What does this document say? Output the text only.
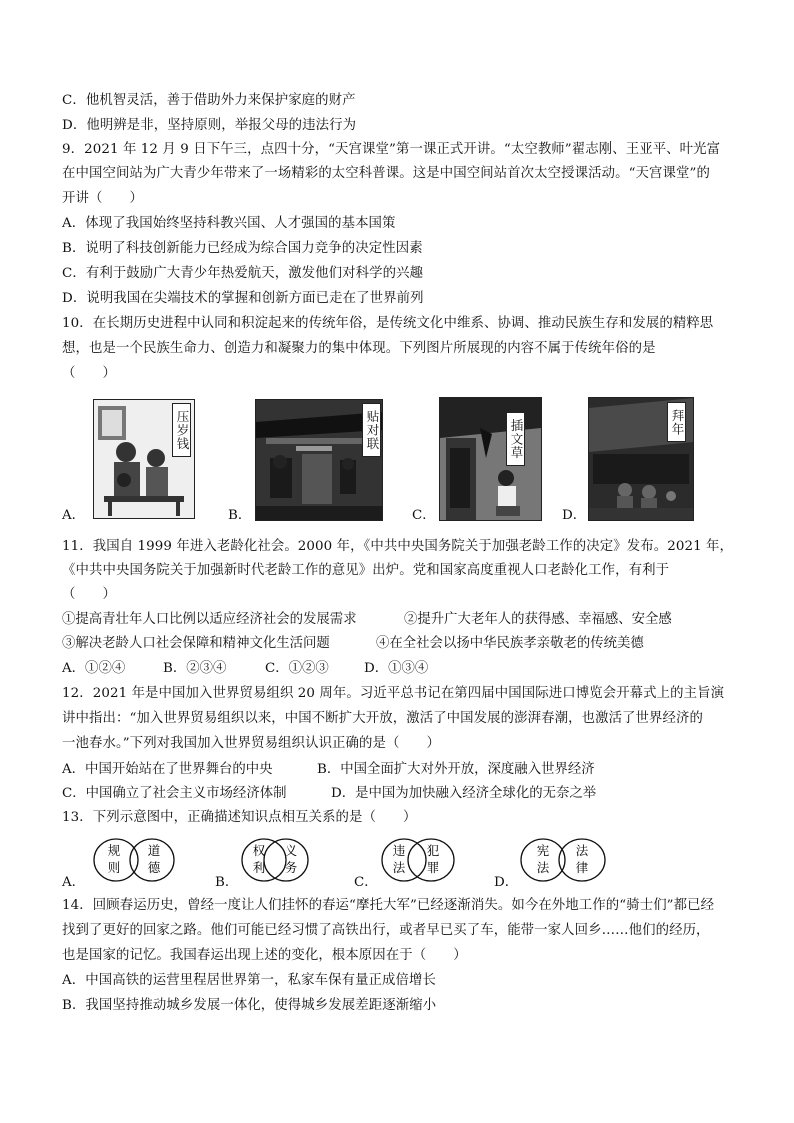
C．他机智灵活，善于借助外力来保护家庭的财产
D．他明辨是非，坚持原则，举报父母的违法行为
9．2021 年 12 月 9 日下午三，点四十分，“天宫课堂”第一课正式开讲。“太空教师”翟志刚、王亚平、叶光富
在中国空间站为广大青少年带来了一场精彩的太空科普课。这是中国空间站首次太空授课活动。“天宫课堂”的
开讲（　　）
A．体现了我国始终坚持科教兴国、人才强国的基本国策
B．说明了科技创新能力已经成为综合国力竞争的决定性因素
C．有利于鼓励广大青少年热爱航天，激发他们对科学的兴趣
D．说明我国在尖端技术的掌握和创新方面已走在了世界前列
10．在长期历史进程中认同和积淀起来的传统年俗，是传统文化中维系、协调、推动民族生存和发展的精粹思
想，也是一个民族生命力、创造力和凝聚力的集中体现。下列图片所展现的内容不属于传统年俗的是
（　　）
A．
压岁钱
B．
贴对联
C．
插文草
D．
拜年
11．我国自 1999 年进入老龄化社会。2000 年，《中共中央国务院关于加强老龄工作的决定》发布。2021 年，
《中共中央国务院关于加强新时代老龄工作的意见》出炉。党和国家高度重视人口老龄化工作，有利于
（　　）
①提高青壮年人口比例以适应经济社会的发展需求	②提升广大老年人的获得感、幸福感、安全感
③解决老龄人口社会保障和精神文化生活问题	④在全社会以扬中华民族孝亲敬老的传统美德
A．①②④	B．②③④	C．①②③	D．①③④
12．2021 年是中国加入世界贸易组织 20 周年。习近平总书记在第四届中国国际进口博览会开幕式上的主旨演
讲中指出：“加入世界贸易组织以来，中国不断扩大开放，激活了中国发展的澎湃春潮，也激活了世界经济的
一池春水。”下列对我国加入世界贸易组织认识正确的是（　　）
A．中国开始站在了世界舞台的中央	B．中国全面扩大对外开放，深度融入世界经济
C．中国确立了社会主义市场经济体制	D．是中国为加快融入经济全球化的无奈之举
13．下列示意图中，正确描述知识点相互关系的是（　　）
A．
规
则
道
德
B．
权
利
义
务
C．
违
法
犯
罪
D．
宪
法
法
律
14．回顾春运历史，曾经一度让人们挂怀的春运“摩托大军”已经逐渐消失。如今在外地工作的“骑士们”都已经
找到了更好的回家之路。他们可能已经习惯了高铁出行，或者早已买了车，能带一家人回乡……他们的经历，
也是国家的记忆。我国春运出现上述的变化，根本原因在于（　　）
A．中国高铁的运营里程居世界第一，私家车保有量正成倍增长
B．我国坚持推动城乡发展一体化，使得城乡发展差距逐渐缩小
